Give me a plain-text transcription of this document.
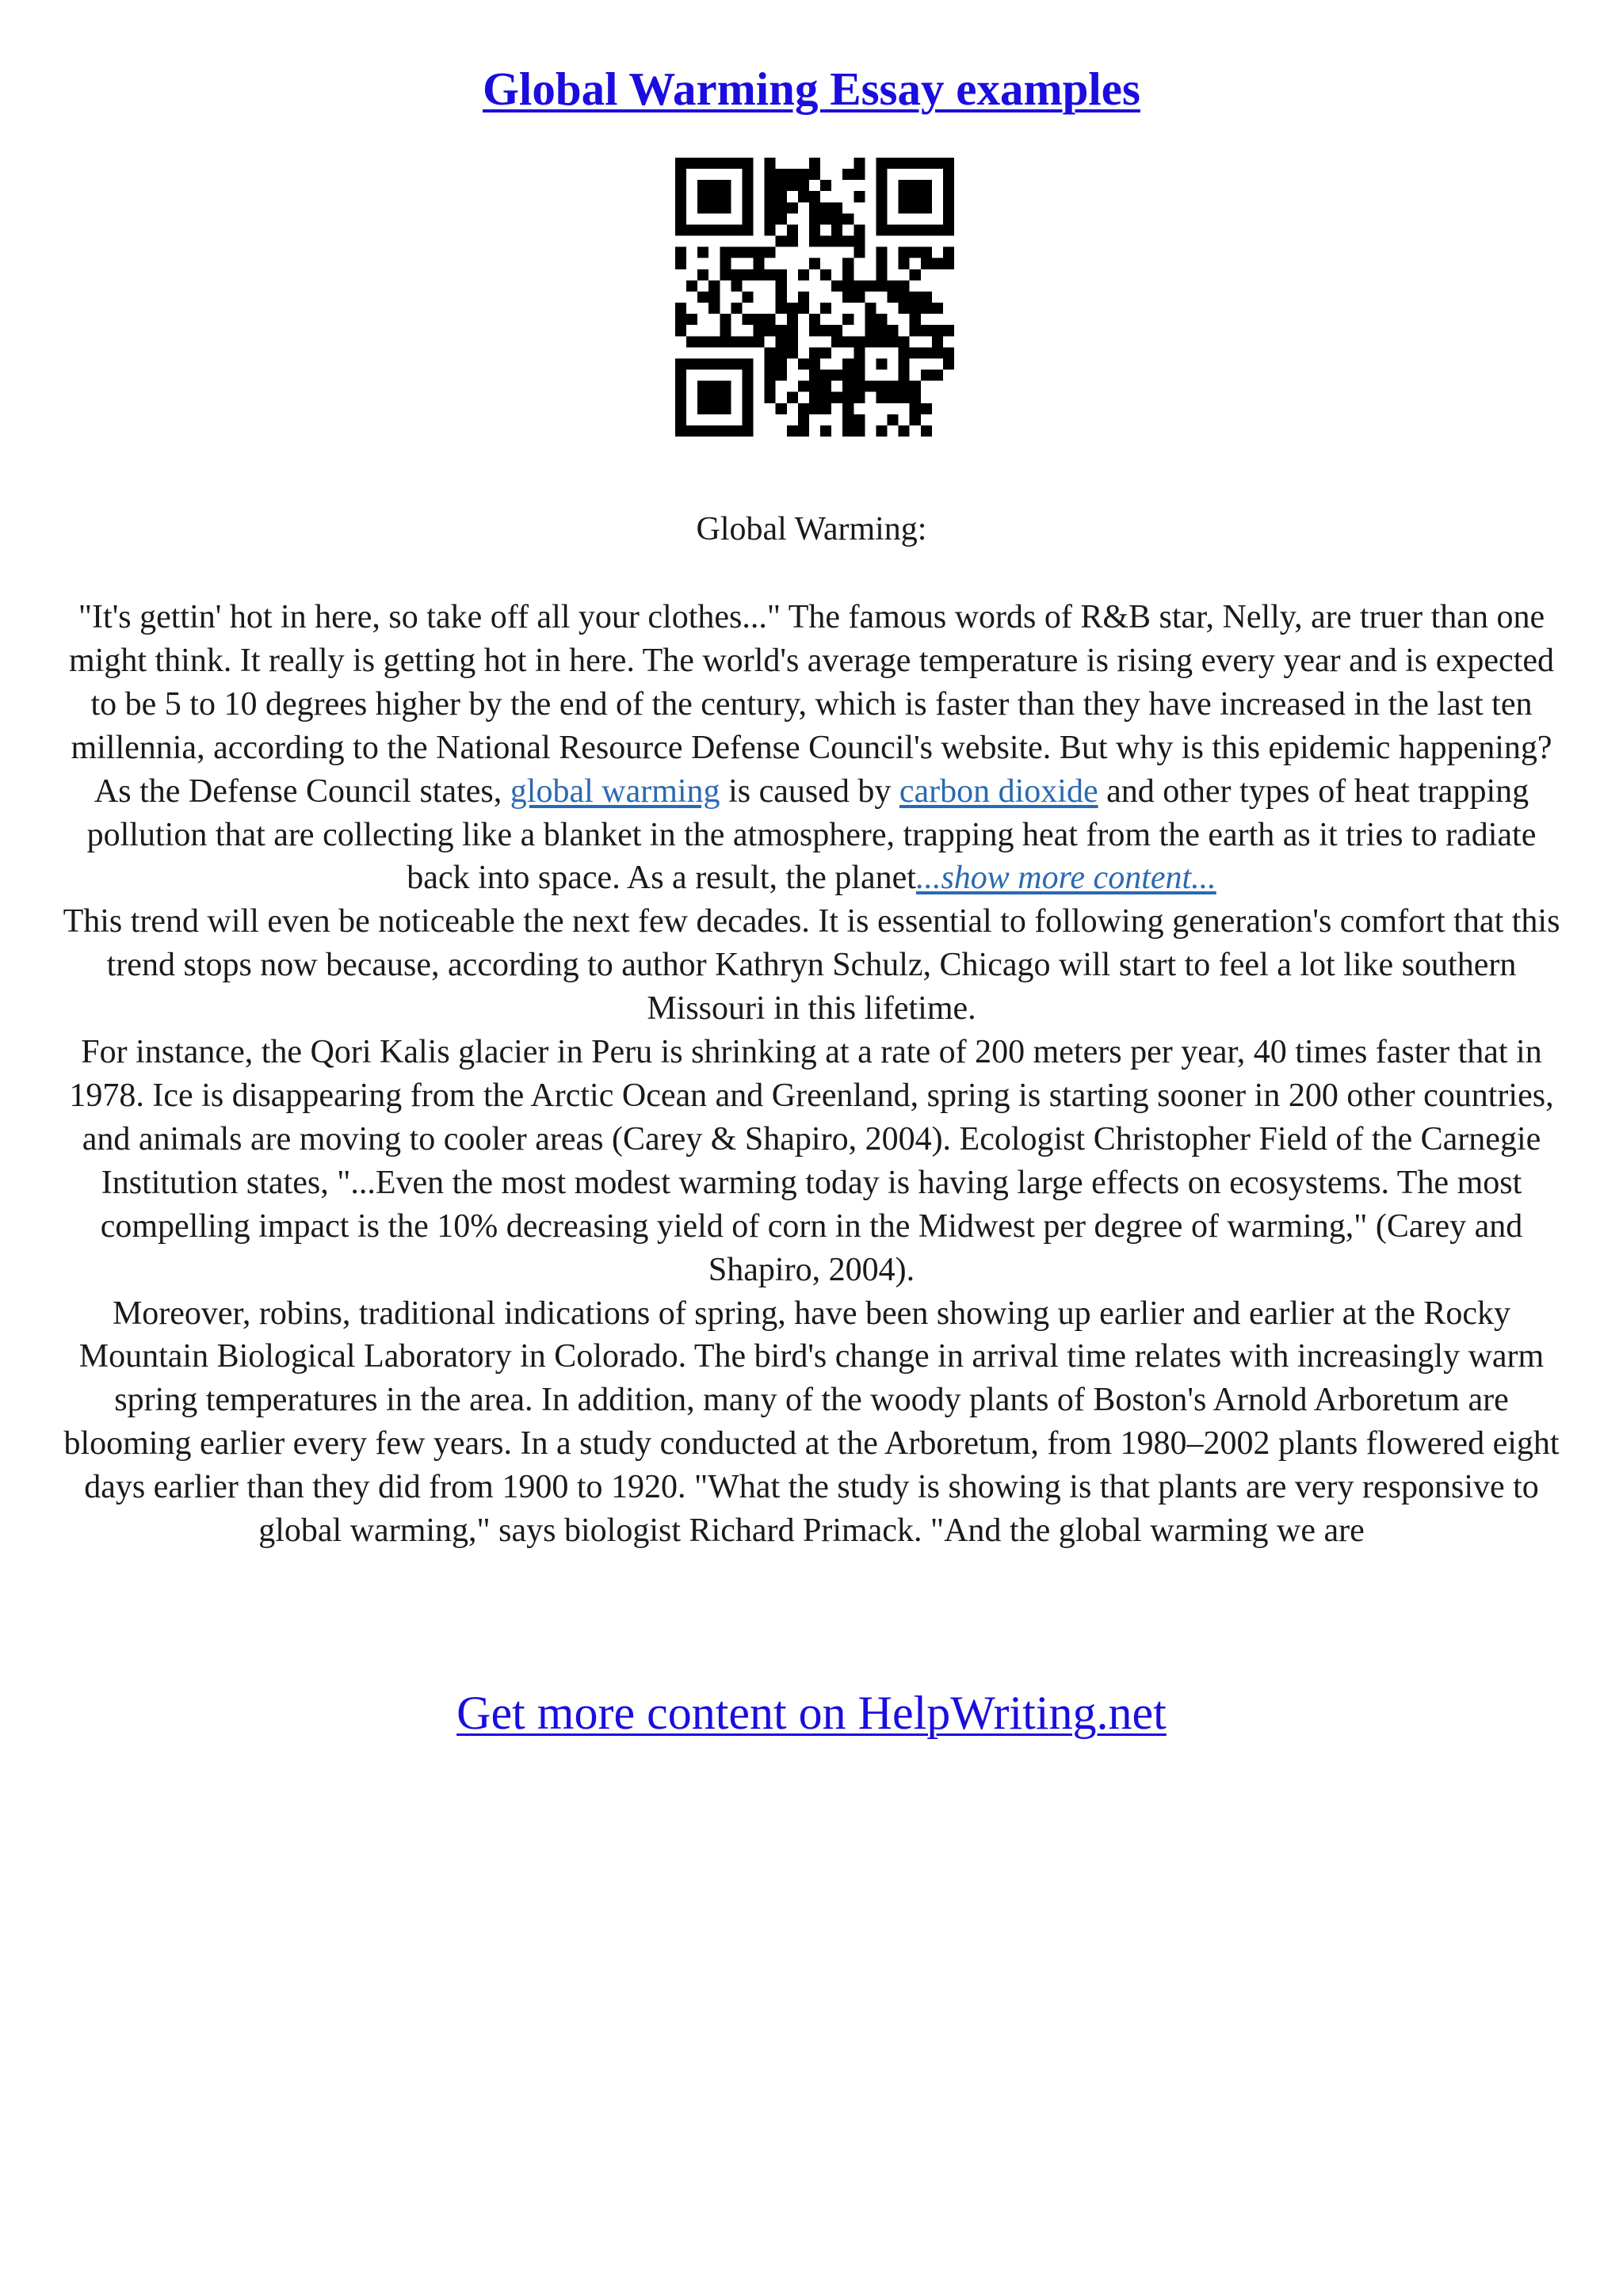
Global Warming Essay examples
Global Warming:

"It's gettin' hot in here, so take off all your clothes..." The famous words of R&B star, Nelly, are truer than one might think. It really is getting hot in here. The world's average temperature is rising every year and is expected to be 5 to 10 degrees higher by the end of the century, which is faster than they have increased in the last ten millennia, according to the National Resource Defense Council's website. But why is this epidemic happening? As the Defense Council states, global warming is caused by carbon dioxide and other types of heat trapping pollution that are collecting like a blanket in the atmosphere, trapping heat from the earth as it tries to radiate back into space. As a result, the planet...show more content...

This trend will even be noticeable the next few decades. It is essential to following generation's comfort that this trend stops now because, according to author Kathryn Schulz, Chicago will start to feel a lot like southern Missouri in this lifetime.

For instance, the Qori Kalis glacier in Peru is shrinking at a rate of 200 meters per year, 40 times faster that in 1978. Ice is disappearing from the Arctic Ocean and Greenland, spring is starting sooner in 200 other countries, and animals are moving to cooler areas (Carey & Shapiro, 2004). Ecologist Christopher Field of the Carnegie Institution states, "...Even the most modest warming today is having large effects on ecosystems. The most compelling impact is the 10% decreasing yield of corn in the Midwest per degree of warming," (Carey and Shapiro, 2004).

Moreover, robins, traditional indications of spring, have been showing up earlier and earlier at the Rocky Mountain Biological Laboratory in Colorado. The bird's change in arrival time relates with increasingly warm spring temperatures in the area. In addition, many of the woody plants of Boston's Arnold Arboretum are blooming earlier every few years. In a study conducted at the Arboretum, from 1980–2002 plants flowered eight days earlier than they did from 1900 to 1920. "What the study is showing is that plants are very responsive to global warming," says biologist Richard Primack. "And the global warming we are

Get more content on HelpWriting.net
